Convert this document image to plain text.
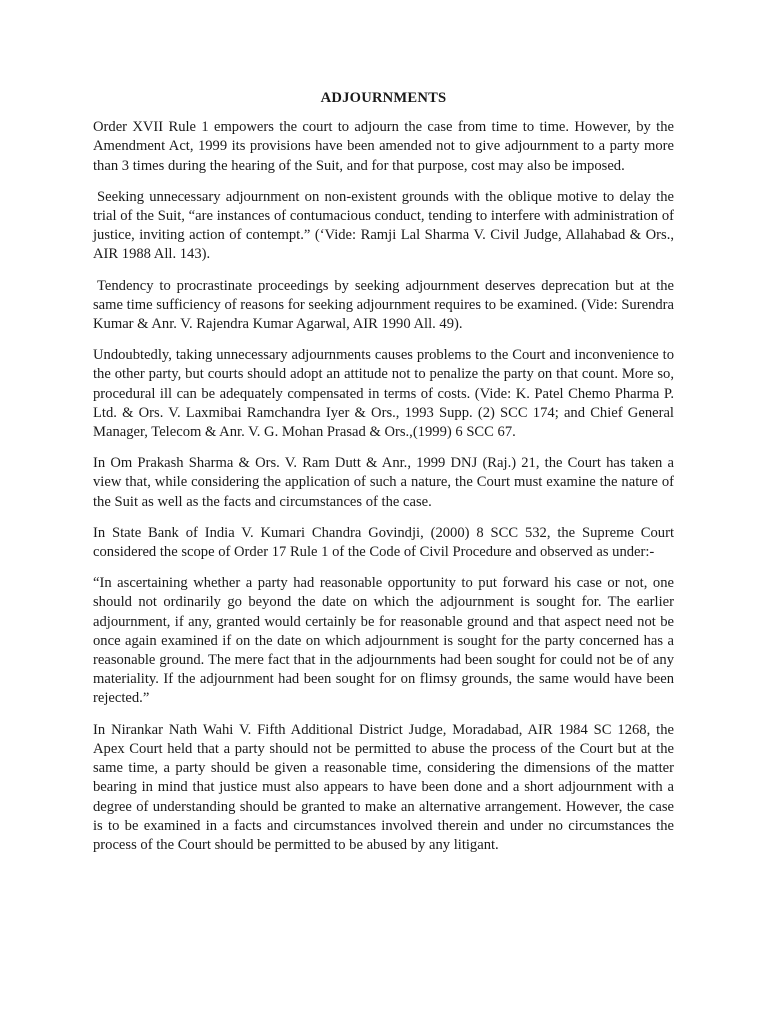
ADJOURNMENTS

Order XVII Rule 1 empowers the court to adjourn the case from time to time. However, by the Amendment Act, 1999 its provisions have been amended not to give adjournment to a party more than 3 times during the hearing of the Suit, and for that purpose, cost may also be imposed.

Seeking unnecessary adjournment on non-existent grounds with the oblique motive to delay the trial of the Suit, “are instances of contumacious conduct, tending to interfere with administration of justice, inviting action of contempt.” (‘Vide: Ramji Lal Sharma V. Civil Judge, Allahabad & Ors., AIR 1988 All. 143).

Tendency to procrastinate proceedings by seeking adjournment deserves deprecation but at the same time sufficiency of reasons for seeking adjournment requires to be examined. (Vide: Surendra Kumar & Anr. V. Rajendra Kumar Agarwal, AIR 1990 All. 49).

Undoubtedly, taking unnecessary adjournments causes problems to the Court and inconvenience to the other party, but courts should adopt an attitude not to penalize the party on that count. More so, procedural ill can be adequately compensated in terms of costs. (Vide: K. Patel Chemo Pharma P. Ltd. & Ors. V. Laxmibai Ramchandra Iyer & Ors., 1993 Supp. (2) SCC 174; and Chief General Manager, Telecom & Anr. V. G. Mohan Prasad & Ors.,(1999) 6 SCC 67.

In Om Prakash Sharma & Ors. V. Ram Dutt & Anr., 1999 DNJ (Raj.) 21, the Court has taken a view that, while considering the application of such a nature, the Court must examine the nature of the Suit as well as the facts and circumstances of the case.

In State Bank of India V. Kumari Chandra Govindji, (2000) 8 SCC 532, the Supreme Court considered the scope of Order 17 Rule 1 of the Code of Civil Procedure and observed as under:-

“In ascertaining whether a party had reasonable opportunity to put forward his case or not, one should not ordinarily go beyond the date on which the adjournment is sought for. The earlier adjournment, if any, granted would certainly be for reasonable ground and that aspect need not be once again examined if on the date on which adjournment is sought for the party concerned has a reasonable ground. The mere fact that in the adjournments had been sought for could not be of any materiality. If the adjournment had been sought for on flimsy grounds, the same would have been rejected.”

In Nirankar Nath Wahi V. Fifth Additional District Judge, Moradabad, AIR 1984 SC 1268, the Apex Court held that a party should not be permitted to abuse the process of the Court but at the same time, a party should be given a reasonable time, considering the dimensions of the matter bearing in mind that justice must also appears to have been done and a short adjournment with a degree of understanding should be granted to make an alternative arrangement. However, the case is to be examined in a facts and circumstances involved therein and under no circumstances the process of the Court should be permitted to be abused by any litigant.
